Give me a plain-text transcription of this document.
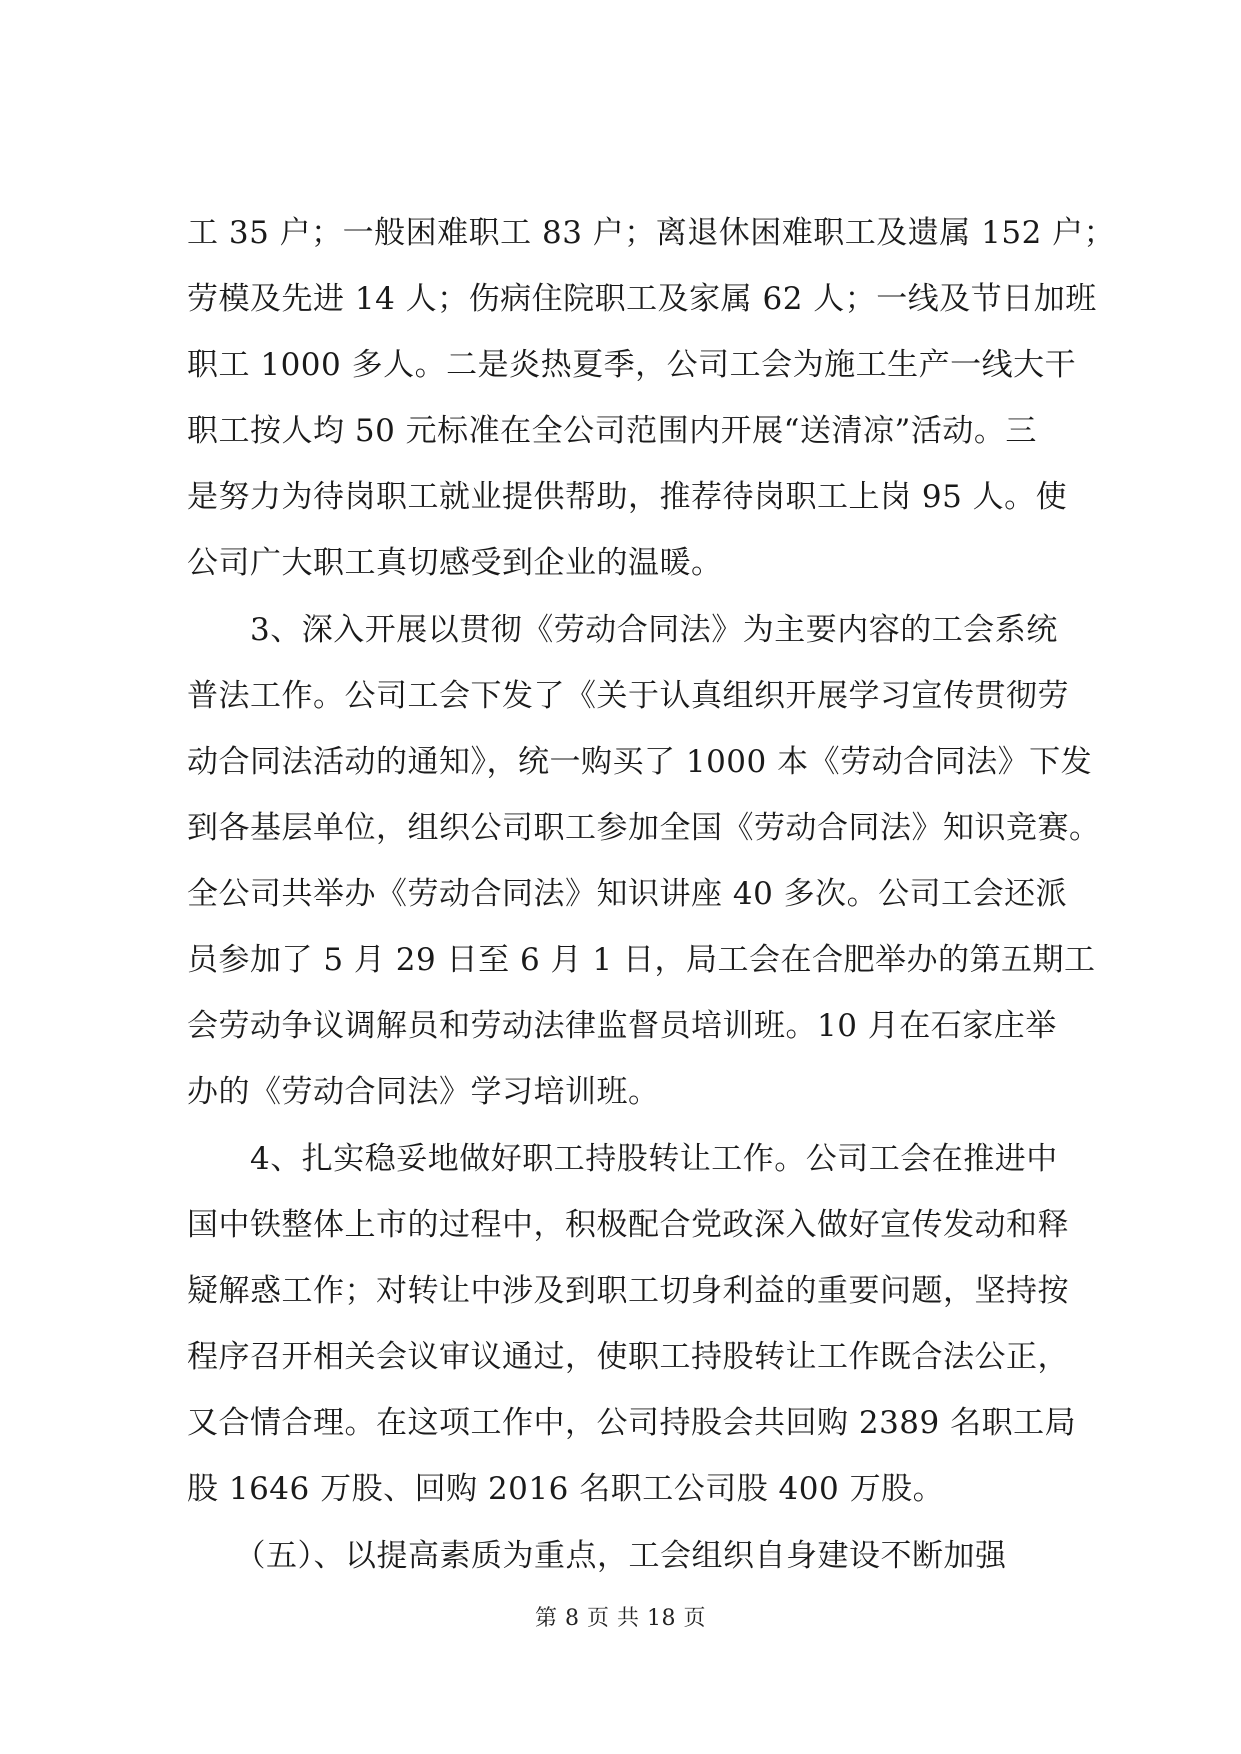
工 35 户；一般困难职工 83 户；离退休困难职工及遗属 152 户；
劳模及先进 14 人；伤病住院职工及家属 62 人；一线及节日加班
职工 1000 多人。二是炎热夏季，公司工会为施工生产一线大干
职工按人均 50 元标准在全公司范围内开展“送清凉”活动。三
是努力为待岗职工就业提供帮助，推荐待岗职工上岗 95 人。使
公司广大职工真切感受到企业的温暖。
　　3、深入开展以贯彻《劳动合同法》为主要内容的工会系统
普法工作。公司工会下发了《关于认真组织开展学习宣传贯彻劳
动合同法活动的通知》，统一购买了 1000 本《劳动合同法》下发
到各基层单位，组织公司职工参加全国《劳动合同法》知识竞赛。
全公司共举办《劳动合同法》知识讲座 40 多次。公司工会还派
员参加了 5 月 29 日至 6 月 1 日，局工会在合肥举办的第五期工
会劳动争议调解员和劳动法律监督员培训班。10 月在石家庄举
办的《劳动合同法》学习培训班。
　　4、扎实稳妥地做好职工持股转让工作。公司工会在推进中
国中铁整体上市的过程中，积极配合党政深入做好宣传发动和释
疑解惑工作；对转让中涉及到职工切身利益的重要问题，坚持按
程序召开相关会议审议通过，使职工持股转让工作既合法公正，
又合情合理。在这项工作中，公司持股会共回购 2389 名职工局
股 1646 万股、回购 2016 名职工公司股 400 万股。
　　（五）、以提高素质为重点，工会组织自身建设不断加强
第 8 页 共 18 页
